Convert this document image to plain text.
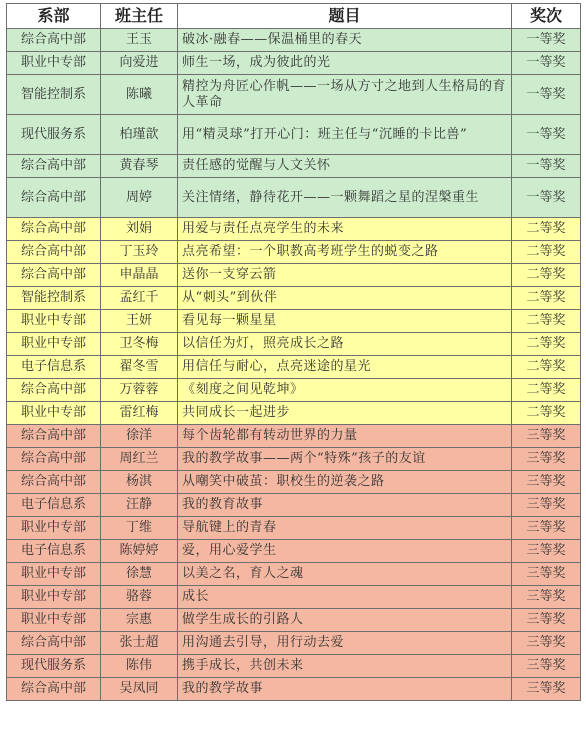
系部	班主任	题目	奖次
综合高中部	王玉	破冰·融春——保温桶里的春天	一等奖
职业中专部	向爱进	师生一场，成为彼此的光	一等奖
智能控制系	陈曦	精控为舟匠心作帆——一场从方寸之地到人生格局的育人革命	一等奖
现代服务系	柏瑾歆	用“精灵球”打开心门：班主任与“沉睡的卡比兽”	一等奖
综合高中部	黄春琴	责任感的觉醒与人文关怀	一等奖
综合高中部	周婷	关注情绪，静待花开——一颗舞蹈之星的涅槃重生	一等奖
综合高中部	刘娟	用爱与责任点亮学生的未来	二等奖
综合高中部	丁玉玲	点亮希望：一个职教高考班学生的蜕变之路	二等奖
综合高中部	申晶晶	送你一支穿云箭	二等奖
智能控制系	孟红千	从“刺头”到伙伴	二等奖
职业中专部	王妍	看见每一颗星星	二等奖
职业中专部	卫冬梅	以信任为灯，照亮成长之路	二等奖
电子信息系	翟冬雪	用信任与耐心，点亮迷途的星光	二等奖
综合高中部	万蓉蓉	《刻度之间见乾坤》	二等奖
职业中专部	雷红梅	共同成长一起进步	二等奖
综合高中部	徐洋	每个齿轮都有转动世界的力量	三等奖
综合高中部	周红兰	我的教学故事——两个“特殊”孩子的友谊	三等奖
综合高中部	杨淇	从嘲笑中破茧：职校生的逆袭之路	三等奖
电子信息系	汪静	我的教育故事	三等奖
职业中专部	丁维	导航键上的青春	三等奖
电子信息系	陈婷婷	爱，用心爱学生	三等奖
职业中专部	徐慧	以美之名，育人之魂	三等奖
职业中专部	骆蓉	成长	三等奖
职业中专部	宗惠	做学生成长的引路人	三等奖
综合高中部	张士超	用沟通去引导，用行动去爱	三等奖
现代服务系	陈伟	携手成长，共创未来	三等奖
综合高中部	吴凤同	我的教学故事	三等奖
